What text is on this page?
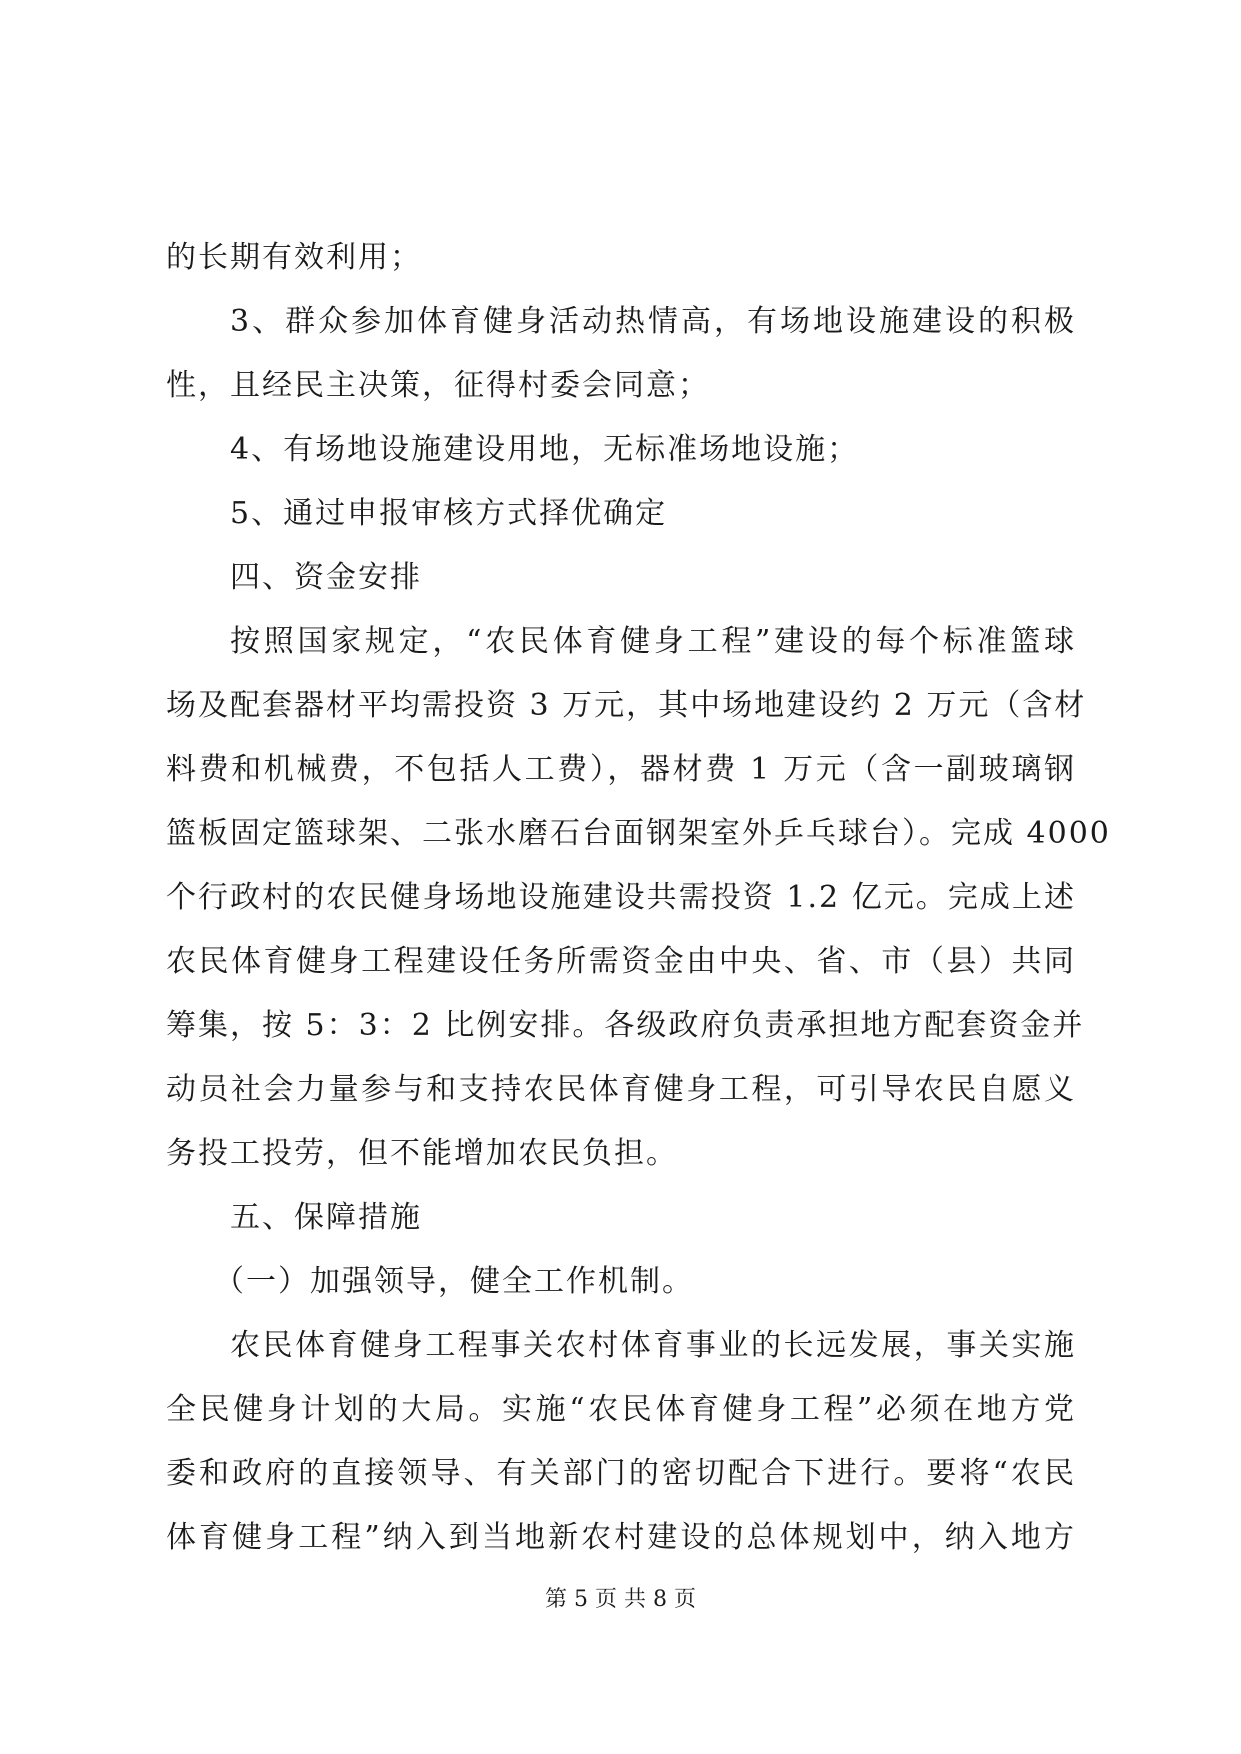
的长期有效利用；
3、群众参加体育健身活动热情高，有场地设施建设的积极
性，且经民主决策，征得村委会同意；
4、有场地设施建设用地，无标准场地设施；
5、通过申报审核方式择优确定
四、资金安排
按照国家规定，“农民体育健身工程”建设的每个标准篮球
场及配套器材平均需投资 3 万元，其中场地建设约 2 万元（含材
料费和机械费，不包括人工费），器材费 1 万元（含一副玻璃钢
篮板固定篮球架、二张水磨石台面钢架室外乒乓球台）。完成 4000
个行政村的农民健身场地设施建设共需投资 1.2 亿元。完成上述
农民体育健身工程建设任务所需资金由中央、省、市（县）共同
筹集，按 5：3：2 比例安排。各级政府负责承担地方配套资金并
动员社会力量参与和支持农民体育健身工程，可引导农民自愿义
务投工投劳，但不能增加农民负担。
五、保障措施
（一）加强领导，健全工作机制。
农民体育健身工程事关农村体育事业的长远发展，事关实施
全民健身计划的大局。实施“农民体育健身工程”必须在地方党
委和政府的直接领导、有关部门的密切配合下进行。要将“农民
体育健身工程”纳入到当地新农村建设的总体规划中，纳入地方
第 5 页 共 8 页
